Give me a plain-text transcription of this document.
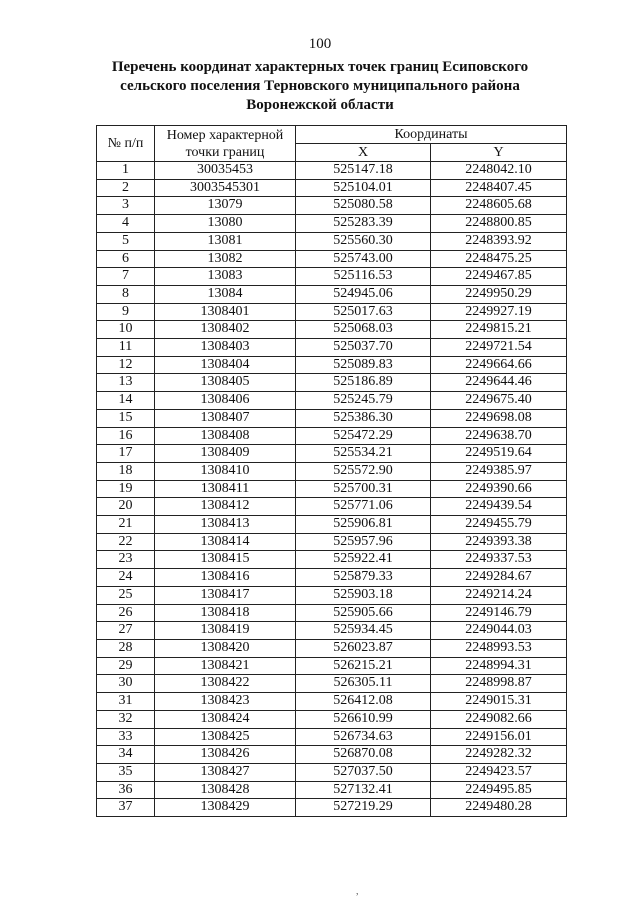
100
Перечень координат характерных точек границ Есиповского сельского поселения Терновского муниципального района Воронежской области
№ п/п	Номер характерной точки границ	Координаты	
		X	Y
1	30035453	525147.18	2248042.10
2	3003545301	525104.01	2248407.45
3	13079	525080.58	2248605.68
4	13080	525283.39	2248800.85
5	13081	525560.30	2248393.92
6	13082	525743.00	2248475.25
7	13083	525116.53	2249467.85
8	13084	524945.06	2249950.29
9	1308401	525017.63	2249927.19
10	1308402	525068.03	2249815.21
11	1308403	525037.70	2249721.54
12	1308404	525089.83	2249664.66
13	1308405	525186.89	2249644.46
14	1308406	525245.79	2249675.40
15	1308407	525386.30	2249698.08
16	1308408	525472.29	2249638.70
17	1308409	525534.21	2249519.64
18	1308410	525572.90	2249385.97
19	1308411	525700.31	2249390.66
20	1308412	525771.06	2249439.54
21	1308413	525906.81	2249455.79
22	1308414	525957.96	2249393.38
23	1308415	525922.41	2249337.53
24	1308416	525879.33	2249284.67
25	1308417	525903.18	2249214.24
26	1308418	525905.66	2249146.79
27	1308419	525934.45	2249044.03
28	1308420	526023.87	2248993.53
29	1308421	526215.21	2248994.31
30	1308422	526305.11	2248998.87
31	1308423	526412.08	2249015.31
32	1308424	526610.99	2249082.66
33	1308425	526734.63	2249156.01
34	1308426	526870.08	2249282.32
35	1308427	527037.50	2249423.57
36	1308428	527132.41	2249495.85
37	1308429	527219.29	2249480.28
,
